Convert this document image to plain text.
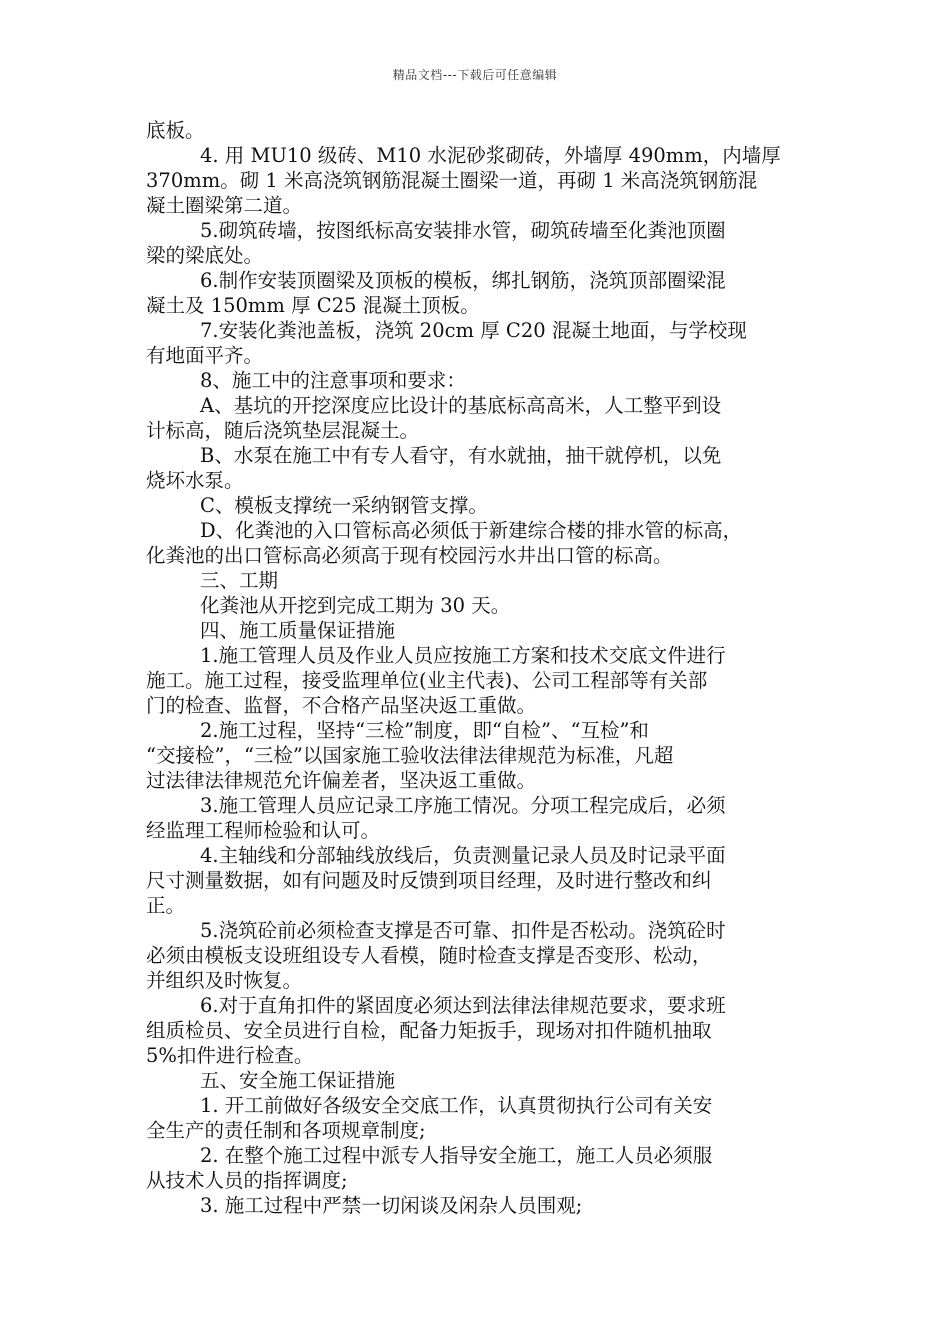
精品文档---下载后可任意编辑
底板。
4. 用 MU10 级砖、M10 水泥砂浆砌砖，外墙厚 490mm，内墙厚
370mm。砌 1 米高浇筑钢筋混凝土圈梁一道，再砌 1 米高浇筑钢筋混
凝土圈梁第二道。
5.砌筑砖墙，按图纸标高安装排水管，砌筑砖墙至化粪池顶圈
梁的梁底处。
6.制作安装顶圈梁及顶板的模板，绑扎钢筋，浇筑顶部圈梁混
凝土及 150mm 厚 C25 混凝土顶板。
7.安装化粪池盖板，浇筑 20cm 厚 C20 混凝土地面，与学校现
有地面平齐。
8、施工中的注意事项和要求：
A、基坑的开挖深度应比设计的基底标高高米，人工整平到设
计标高，随后浇筑垫层混凝土。
B、水泵在施工中有专人看守，有水就抽，抽干就停机，以免
烧坏水泵。
C、模板支撑统一采纳钢管支撑。
D、化粪池的入口管标高必须低于新建综合楼的排水管的标高，
化粪池的出口管标高必须高于现有校园污水井出口管的标高。
三、工期
化粪池从开挖到完成工期为 30 天。
四、施工质量保证措施
1.施工管理人员及作业人员应按施工方案和技术交底文件进行
施工。施工过程，接受监理单位(业主代表)、公司工程部等有关部
门的检查、监督，不合格产品坚决返工重做。
2.施工过程，坚持“三检”制度，即“自检”、“互检”和
“交接检”，“三检”以国家施工验收法律法律规范为标准，凡超
过法律法律规范允许偏差者，坚决返工重做。
3.施工管理人员应记录工序施工情况。分项工程完成后，必须
经监理工程师检验和认可。
4.主轴线和分部轴线放线后，负责测量记录人员及时记录平面
尺寸测量数据，如有问题及时反馈到项目经理，及时进行整改和纠
正。
5.浇筑砼前必须检查支撑是否可靠、扣件是否松动。浇筑砼时
必须由模板支设班组设专人看模，随时检查支撑是否变形、松动，
并组织及时恢复。
6.对于直角扣件的紧固度必须达到法律法律规范要求，要求班
组质检员、安全员进行自检，配备力矩扳手，现场对扣件随机抽取
5%扣件进行检查。
五、安全施工保证措施
1. 开工前做好各级安全交底工作，认真贯彻执行公司有关安
全生产的责任制和各项规章制度;
2. 在整个施工过程中派专人指导安全施工，施工人员必须服
从技术人员的指挥调度;
3. 施工过程中严禁一切闲谈及闲杂人员围观;
